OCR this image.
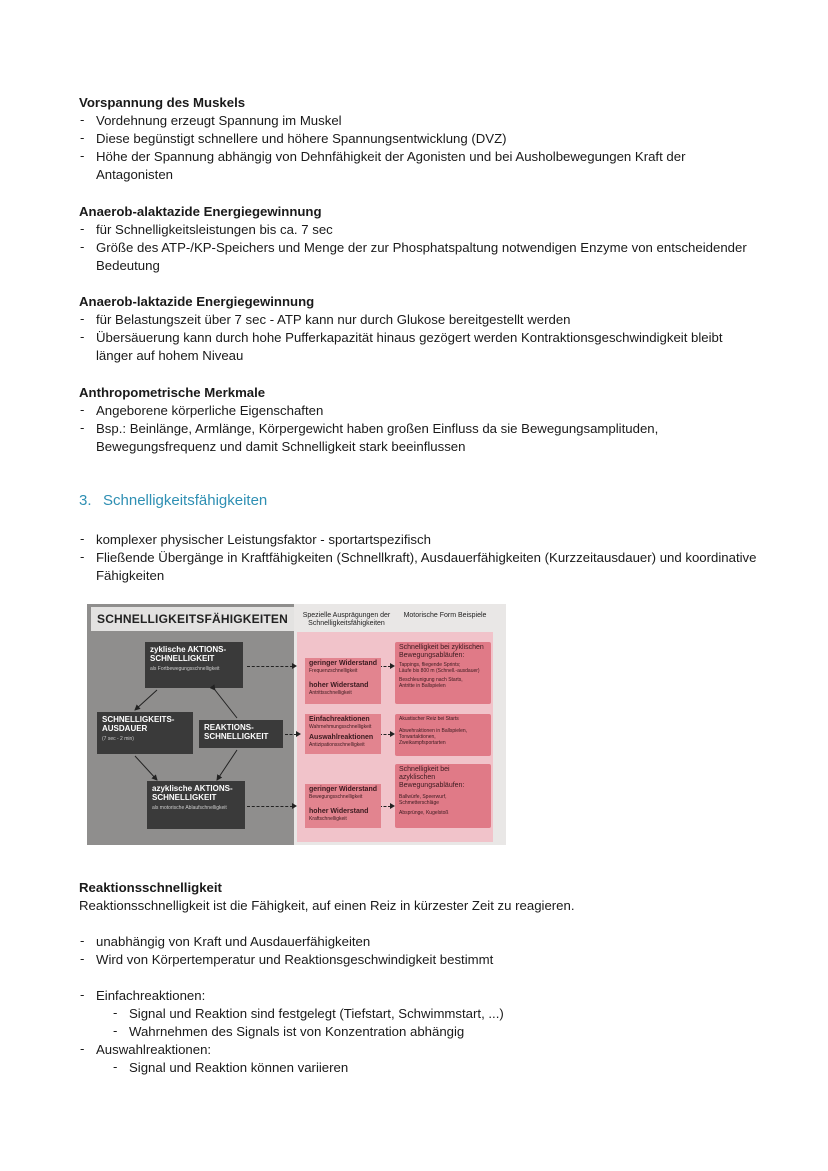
Vorspannung des Muskels

- Vordehnung erzeugt Spannung im Muskel
- Diese begünstigt schnellere und höhere Spannungsentwicklung (DVZ)
- Höhe der Spannung abhängig von Dehnfähigkeit der Agonisten und bei Ausholbewegungen Kraft der Antagonisten

Anaerob-alaktazide Energiegewinnung

- für Schnelligkeitsleistungen bis ca. 7 sec
- Größe des ATP-/KP-Speichers und Menge der zur Phosphatspaltung notwendigen Enzyme von entscheidender Bedeutung

Anaerob-laktazide Energiegewinnung

- für Belastungszeit über 7 sec - ATP kann nur durch Glukose bereitgestellt werden
- Übersäuerung kann durch hohe Pufferkapazität hinaus gezögert werden Kontraktionsgeschwindigkeit bleibt länger auf hohem Niveau

Anthropometrische Merkmale

- Angeborene körperliche Eigenschaften
- Bsp.: Beinlänge, Armlänge, Körpergewicht haben großen Einfluss da sie Bewegungsamplituden, Bewegungsfrequenz und damit Schnelligkeit stark beeinflussen
3. Schnelligkeitsfähigkeiten
- komplexer physischer Leistungsfaktor - sportartspezifisch
- Fließende Übergänge in Kraftfähigkeiten (Schnellkraft), Ausdauerfähigkeiten (Kurzzeitausdauer) und koordinative Fähigkeiten
SCHNELLIGKEITSFÄHIGKEITEN	Spezielle Ausprägungen der Schnelligkeitsfähigkeiten
Motorische Form Beispiele
zyklische AKTIONS- SCHNELLIGKEIT
als Fortbewegungsschnelligkeit
SCHNELLIGKEITS- AUSDAUER
(7 sec - 2 min)
REAKTIONS- SCHNELLIGKEIT
azyklische AKTIONS- SCHNELLIGKEIT
als motorische Ablaufschnelligkeit
geringer Widerstand
Frequenzschnelligkeit
hoher Widerstand
Antrittsschnelligkeit
Einfachreaktionen
Wahrnehmungsschnelligkeit
Auswahlreaktionen
Antizipationsschnelligkeit
geringer Widerstand
Bewegungsschnelligkeit
hoher Widerstand
Kraftschnelligkeit
Schnelligkeit bei zyklischen Bewegungsabläufen:
Tappings, fliegende Sprints;
Läufe bis 800 m (Schnell.-ausdauer)
Beschleunigung nach Starts,
Antritte in Ballspielen
Akustischer Reiz bei Starts
Abwehraktionen in Ballspielen,
Torwartaktionen,
Zweikampfsportarten
Schnelligkeit bei azyklischen Bewegungsabläufen:
Ballwürfe, Speerwurf,
Schmetterschläge
Absprünge, Kugelstoß

Reaktionsschnelligkeit

Reaktionsschnelligkeit ist die Fähigkeit, auf einen Reiz in kürzester Zeit zu reagieren.

- unabhängig von Kraft und Ausdauerfähigkeiten
- Wird von Körpertemperatur und Reaktionsgeschwindigkeit bestimmt
- Einfachreaktionen:
- Signal und Reaktion sind festgelegt (Tiefstart, Schwimmstart, ...)
- Wahrnehmen des Signals ist von Konzentration abhängig
- Auswahlreaktionen:
- Signal und Reaktion können variieren
